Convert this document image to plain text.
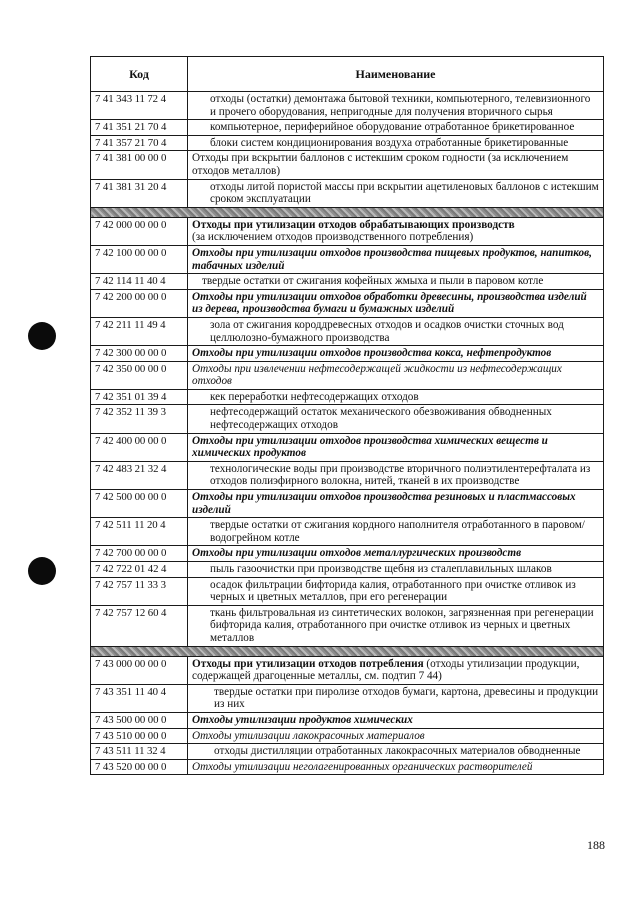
Код	Наименование
7 41 343 11 72 4	отходы (остатки) демонтажа бытовой техники, компьютерного, телевизионного и прочего оборудования, непригодные для получения вторичного сырья
7 41 351 21 70 4	компьютерное, периферийное оборудование отработанное брикетированное
7 41 357 21 70 4	блоки систем кондиционирования воздуха отработанные брикетированные
7 41 381 00 00 0	Отходы при вскрытии баллонов с истекшим сроком годности (за исключением отходов металлов)
7 41 381 31 20 4	отходы литой пористой массы при вскрытии ацетиленовых баллонов с истекшим сроком эксплуатации

7 42 000 00 00 0	Отходы при утилизации отходов обрабатывающих производств
(за исключением отходов производственного потребления)
7 42 100 00 00 0	Отходы при утилизации отходов производства пищевых продуктов, напитков, табачных изделий
7 42 114 11 40 4	твердые остатки от сжигания кофейных жмыха и пыли в паровом котле
7 42 200 00 00 0	Отходы при утилизации отходов обработки древесины, производства изделий из дерева, производства бумаги и бумажных изделий
7 42 211 11 49 4	зола от сжигания короддревесных отходов и осадков очистки сточных вод целлюлозно-бумажного производства
7 42 300 00 00 0	Отходы при утилизации отходов производства кокса, нефтепродуктов
7 42 350 00 00 0	Отходы при извлечении нефтесодержащей жидкости из нефтесодержащих отходов
7 42 351 01 39 4	кек переработки нефтесодержащих отходов
7 42 352 11 39 3	нефтесодержащий остаток механического обезвоживания обводненных нефтесодержащих отходов
7 42 400 00 00 0	Отходы при утилизации отходов производства химических веществ и химических продуктов
7 42 483 21 32 4	технологические воды при производстве вторичного полиэтилентерефталата из отходов полиэфирного волокна, нитей, тканей в их производстве
7 42 500 00 00 0	Отходы при утилизации отходов производства резиновых и пластмассовых изделий
7 42 511 11 20 4	твердые остатки от сжигания кордного наполнителя отработанного в паровом/водогрейном котле
7 42 700 00 00 0	Отходы при утилизации отходов металлургических производств
7 42 722 01 42 4	пыль газоочистки при производстве щебня из сталеплавильных шлаков
7 42 757 11 33 3	осадок фильтрации бифторида калия, отработанного при очистке отливок из черных и цветных металлов, при его регенерации
7 42 757 12 60 4	ткань фильтровальная из синтетических волокон, загрязненная при регенерации бифторида калия, отработанного при очистке отливок из черных и цветных металлов

7 43 000 00 00 0	Отходы при утилизации отходов потребления (отходы утилизации продукции, содержащей драгоценные металлы, см. подтип 7 44)
7 43 351 11 40 4	твердые остатки при пиролизе отходов бумаги, картона, древесины и продукции из них
7 43 500 00 00 0	Отходы утилизации продуктов химических
7 43 510 00 00 0	Отходы утилизации лакокрасочных материалов
7 43 511 11 32 4	отходы дистилляции отработанных лакокрасочных материалов обводненные
7 43 520 00 00 0	Отходы утилизации неголагенированных органических растворителей
188
